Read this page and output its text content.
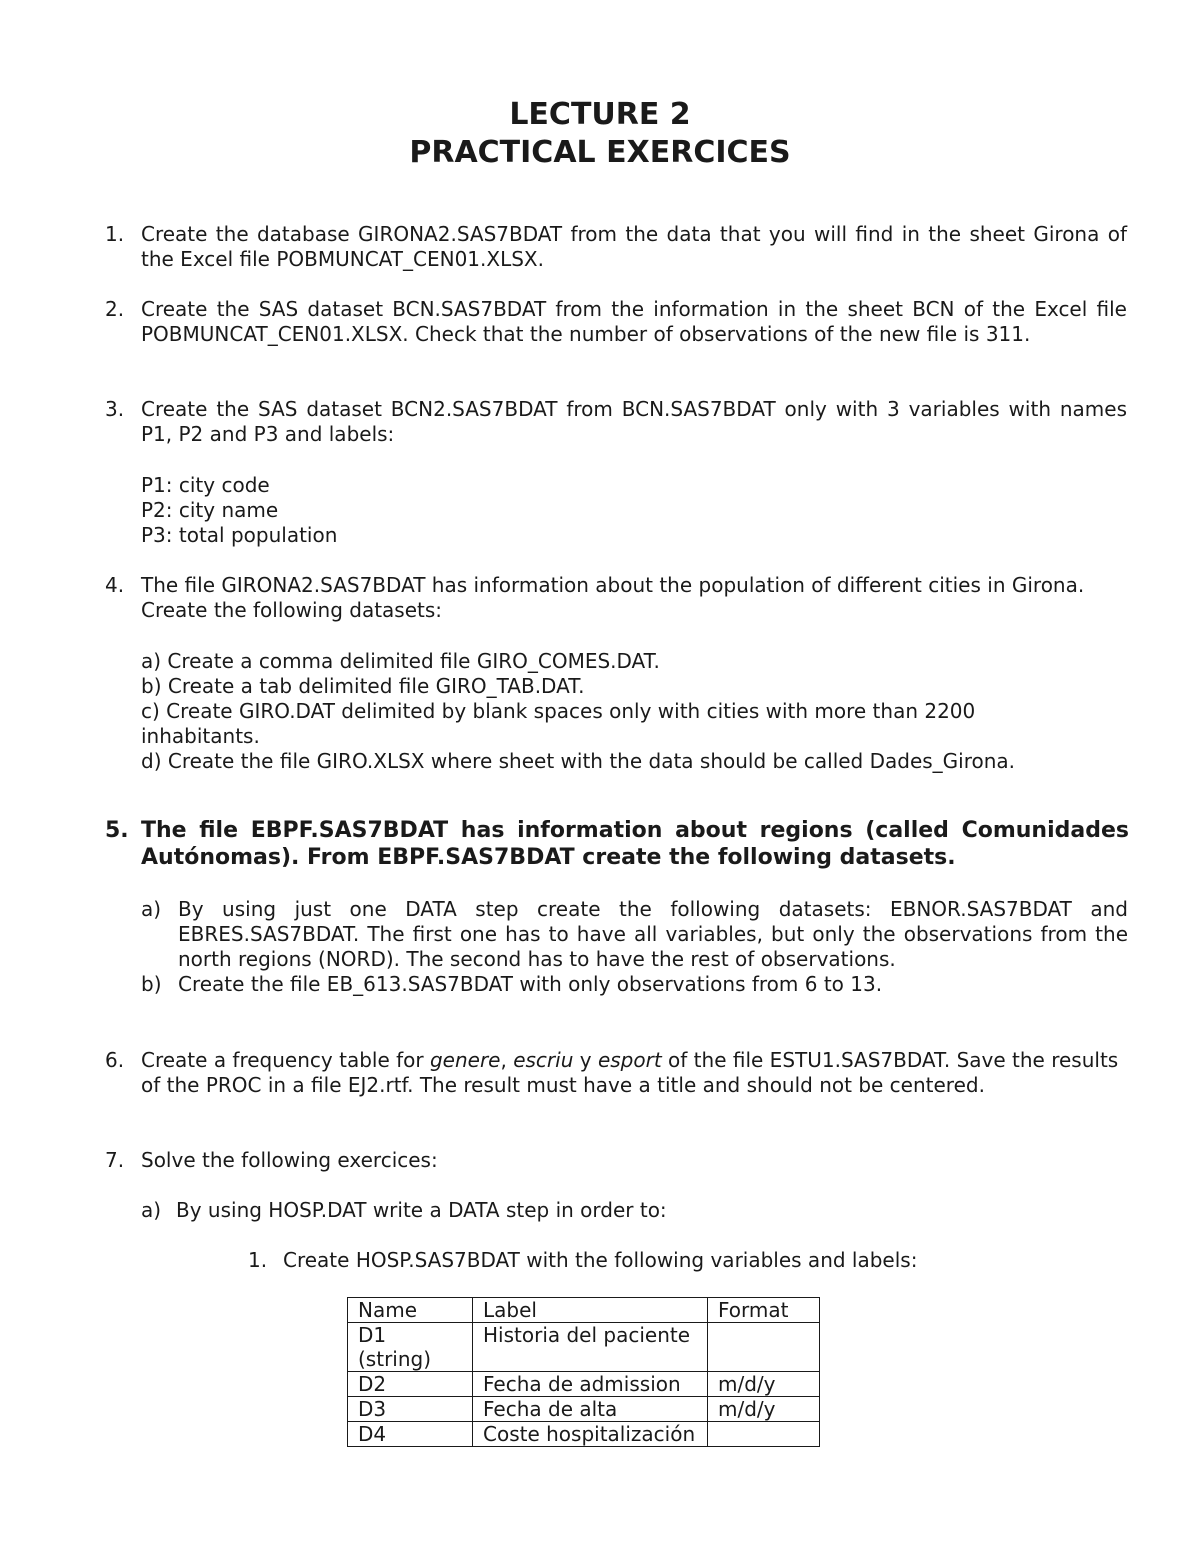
LECTURE 2
PRACTICAL EXERCICES
1. Create the database GIRONA2.SAS7BDAT from the data that you will find in the sheet Girona of the Excel file POBMUNCAT_CEN01.XLSX.

2. Create the SAS dataset BCN.SAS7BDAT from the information in the sheet BCN of the Excel file POBMUNCAT_CEN01.XLSX. Check that the number of observations of the new file is 311.

3. Create the SAS dataset BCN2.SAS7BDAT from BCN.SAS7BDAT only with 3 variables with names P1, P2 and P3 and labels:

P1: city code

P2: city name

P3: total population

4. The file GIRONA2.SAS7BDAT has information about the population of different cities in Girona. Create the following datasets:

a) Create a comma delimited file GIRO_COMES.DAT.

b) Create a tab delimited file GIRO_TAB.DAT.

c) Create GIRO.DAT delimited by blank spaces only with cities with more than 2200 inhabitants.

d) Create the file GIRO.XLSX where sheet with the data should be called Dades_Girona.

5. The file EBPF.SAS7BDAT has information about regions (called Comunidades Autónomas). From EBPF.SAS7BDAT create the following datasets.

a) By using just one DATA step create the following datasets: EBNOR.SAS7BDAT and EBRES.SAS7BDAT. The first one has to have all variables, but only the observations from the north regions (NORD). The second has to have the rest of observations.

b) Create the file EB_613.SAS7BDAT with only observations from 6 to 13.

6. Create a frequency table for genere, escriu y esport of the file ESTU1.SAS7BDAT. Save the results of the PROC in a file EJ2.rtf. The result must have a title and should not be centered.

7. Solve the following exercices:

a) By using HOSP.DAT write a DATA step in order to:

1. Create HOSP.SAS7BDAT with the following variables and labels:

Name	Label	Format
D1 (string)	Historia del paciente	
D2	Fecha de admission	m/d/y
D3	Fecha de alta	m/d/y
D4	Coste hospitalización	
